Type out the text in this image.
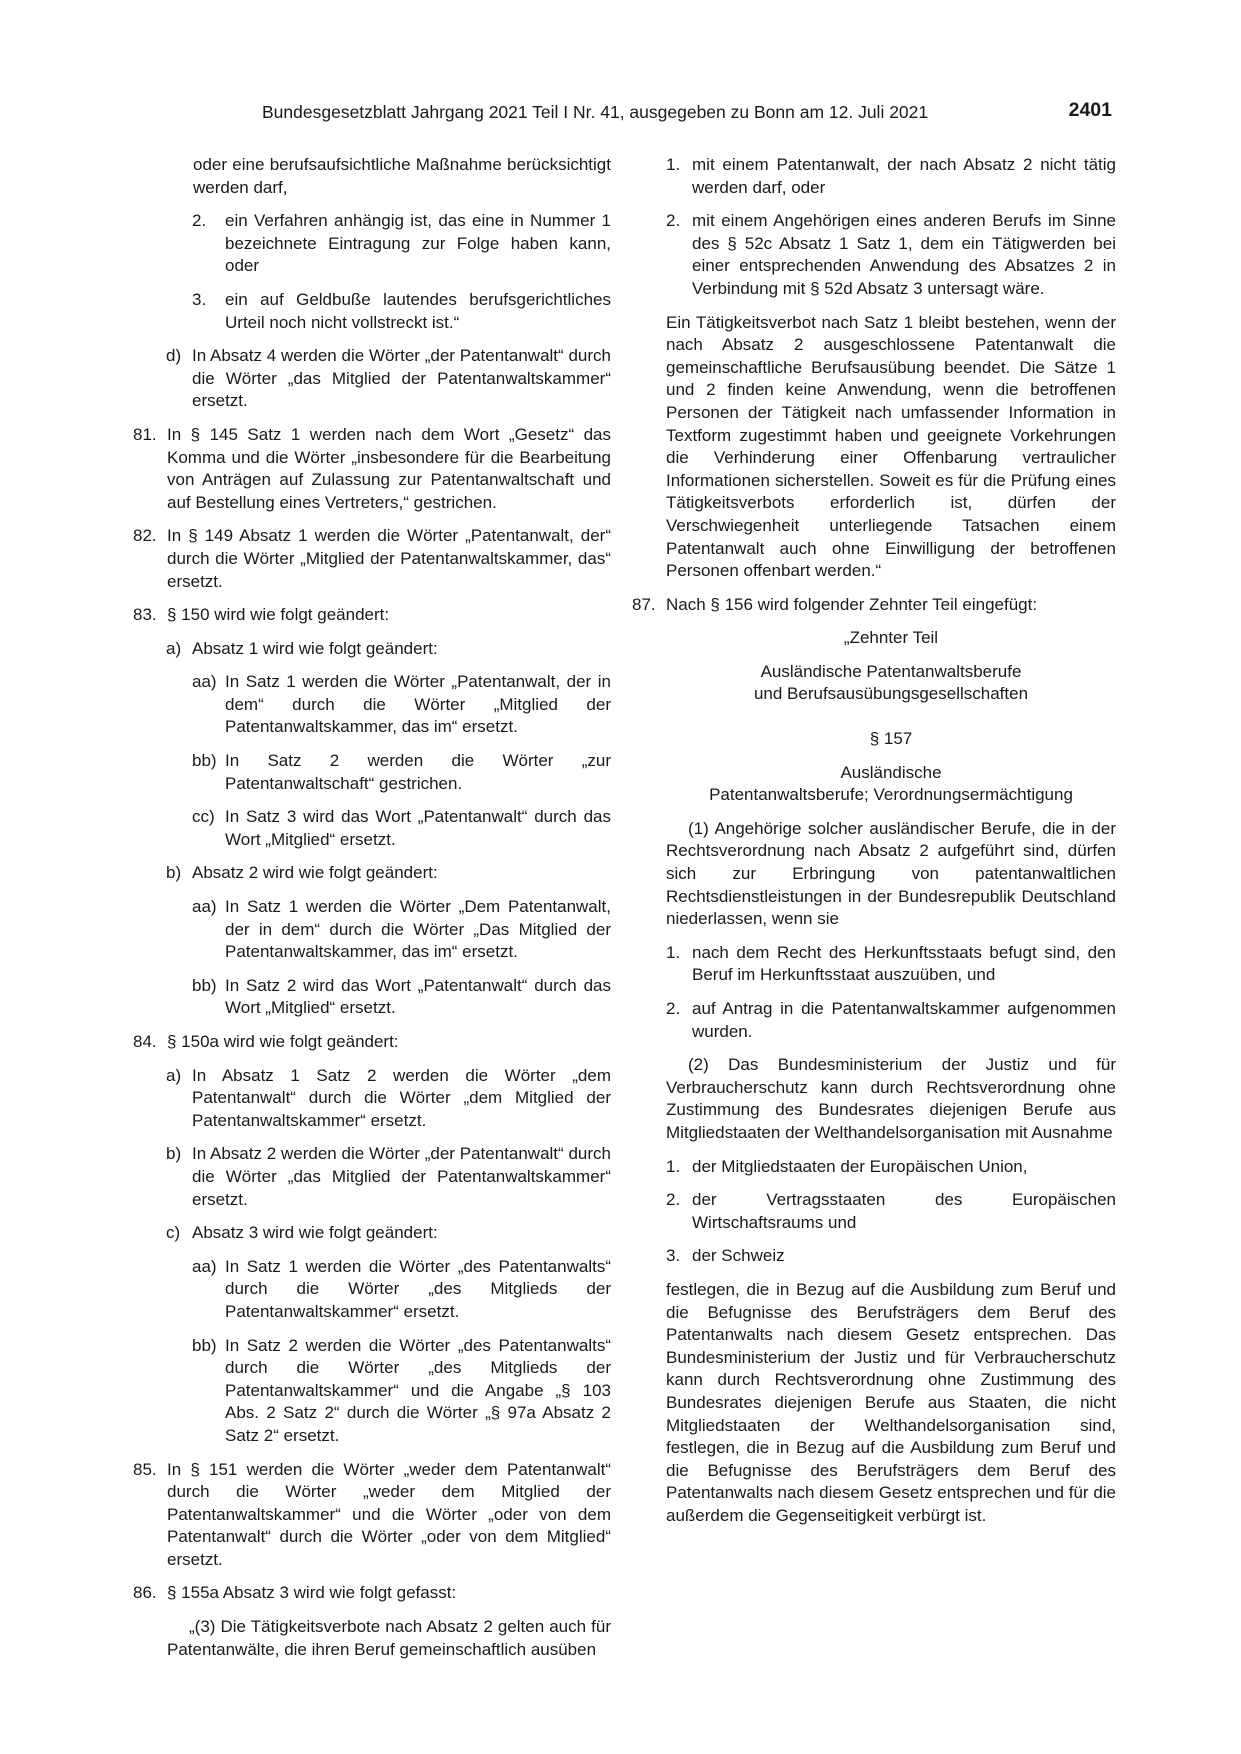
Bundesgesetzblatt Jahrgang 2021 Teil I Nr. 41, ausgegeben zu Bonn am 12. Juli 2021	2401
oder eine berufsaufsichtliche Maßnahme berücksichtigt werden darf,
2.	ein Verfahren anhängig ist, das eine in Nummer 1 bezeichnete Eintragung zur Folge haben kann, oder
3.	ein auf Geldbuße lautendes berufsgerichtliches Urteil noch nicht vollstreckt ist.“
d) In Absatz 4 werden die Wörter „der Patentanwalt“ durch die Wörter „das Mitglied der Patentanwaltskammer“ ersetzt.
81. In § 145 Satz 1 werden nach dem Wort „Gesetz“ das Komma und die Wörter „insbesondere für die Bearbeitung von Anträgen auf Zulassung zur Patentanwaltschaft und auf Bestellung eines Vertreters,“ gestrichen.
82. In § 149 Absatz 1 werden die Wörter „Patentanwalt, der“ durch die Wörter „Mitglied der Patentanwaltskammer, das“ ersetzt.
83. § 150 wird wie folgt geändert:
a) Absatz 1 wird wie folgt geändert:
aa) In Satz 1 werden die Wörter „Patentanwalt, der in dem“ durch die Wörter „Mitglied der Patentanwaltskammer, das im“ ersetzt.
bb) In Satz 2 werden die Wörter „zur Patentanwaltschaft“ gestrichen.
cc) In Satz 3 wird das Wort „Patentanwalt“ durch das Wort „Mitglied“ ersetzt.
b) Absatz 2 wird wie folgt geändert:
aa) In Satz 1 werden die Wörter „Dem Patentanwalt, der in dem“ durch die Wörter „Das Mitglied der Patentanwaltskammer, das im“ ersetzt.
bb) In Satz 2 wird das Wort „Patentanwalt“ durch das Wort „Mitglied“ ersetzt.
84. § 150a wird wie folgt geändert:
a) In Absatz 1 Satz 2 werden die Wörter „dem Patentanwalt“ durch die Wörter „dem Mitglied der Patentanwaltskammer“ ersetzt.
b) In Absatz 2 werden die Wörter „der Patentanwalt“ durch die Wörter „das Mitglied der Patentanwaltskammer“ ersetzt.
c) Absatz 3 wird wie folgt geändert:
aa) In Satz 1 werden die Wörter „des Patentanwalts“ durch die Wörter „des Mitglieds der Patentanwaltskammer“ ersetzt.
bb) In Satz 2 werden die Wörter „des Patentanwalts“ durch die Wörter „des Mitglieds der Patentanwaltskammer“ und die Angabe „§ 103 Abs. 2 Satz 2“ durch die Wörter „§ 97a Absatz 2 Satz 2“ ersetzt.
85. In § 151 werden die Wörter „weder dem Patentanwalt“ durch die Wörter „weder dem Mitglied der Patentanwaltskammer“ und die Wörter „oder von dem Patentanwalt“ durch die Wörter „oder von dem Mitglied“ ersetzt.
86. § 155a Absatz 3 wird wie folgt gefasst:
„(3) Die Tätigkeitsverbote nach Absatz 2 gelten auch für Patentanwälte, die ihren Beruf gemeinschaftlich ausüben
1. mit einem Patentanwalt, der nach Absatz 2 nicht tätig werden darf, oder
2. mit einem Angehörigen eines anderen Berufs im Sinne des § 52c Absatz 1 Satz 1, dem ein Tätigwerden bei einer entsprechenden Anwendung des Absatzes 2 in Verbindung mit § 52d Absatz 3 untersagt wäre.
Ein Tätigkeitsverbot nach Satz 1 bleibt bestehen, wenn der nach Absatz 2 ausgeschlossene Patentanwalt die gemeinschaftliche Berufsausübung beendet. Die Sätze 1 und 2 finden keine Anwendung, wenn die betroffenen Personen der Tätigkeit nach umfassender Information in Textform zugestimmt haben und geeignete Vorkehrungen die Verhinderung einer Offenbarung vertraulicher Informationen sicherstellen. Soweit es für die Prüfung eines Tätigkeitsverbots erforderlich ist, dürfen der Verschwiegenheit unterliegende Tatsachen einem Patentanwalt auch ohne Einwilligung der betroffenen Personen offenbart werden.“
87. Nach § 156 wird folgender Zehnter Teil eingefügt:
„Zehnter Teil
Ausländische Patentanwaltsberufe
und Berufsausübungsgesellschaften
§ 157
Ausländische
Patentanwaltsberufe; Verordnungsermächtigung
(1) Angehörige solcher ausländischer Berufe, die in der Rechtsverordnung nach Absatz 2 aufgeführt sind, dürfen sich zur Erbringung von patentanwaltlichen Rechtsdienstleistungen in der Bundesrepublik Deutschland niederlassen, wenn sie
1. nach dem Recht des Herkunftsstaats befugt sind, den Beruf im Herkunftsstaat auszuüben, und
2. auf Antrag in die Patentanwaltskammer aufgenommen wurden.
(2) Das Bundesministerium der Justiz und für Verbraucherschutz kann durch Rechtsverordnung ohne Zustimmung des Bundesrates diejenigen Berufe aus Mitgliedstaaten der Welthandelsorganisation mit Ausnahme
1. der Mitgliedstaaten der Europäischen Union,
2. der Vertragsstaaten des Europäischen Wirtschaftsraums und
3. der Schweiz
festlegen, die in Bezug auf die Ausbildung zum Beruf und die Befugnisse des Berufsträgers dem Beruf des Patentanwalts nach diesem Gesetz entsprechen. Das Bundesministerium der Justiz und für Verbraucherschutz kann durch Rechtsverordnung ohne Zustimmung des Bundesrates diejenigen Berufe aus Staaten, die nicht Mitgliedstaaten der Welthandelsorganisation sind, festlegen, die in Bezug auf die Ausbildung zum Beruf und die Befugnisse des Berufsträgers dem Beruf des Patentanwalts nach diesem Gesetz entsprechen und für die außerdem die Gegenseitigkeit verbürgt ist.
